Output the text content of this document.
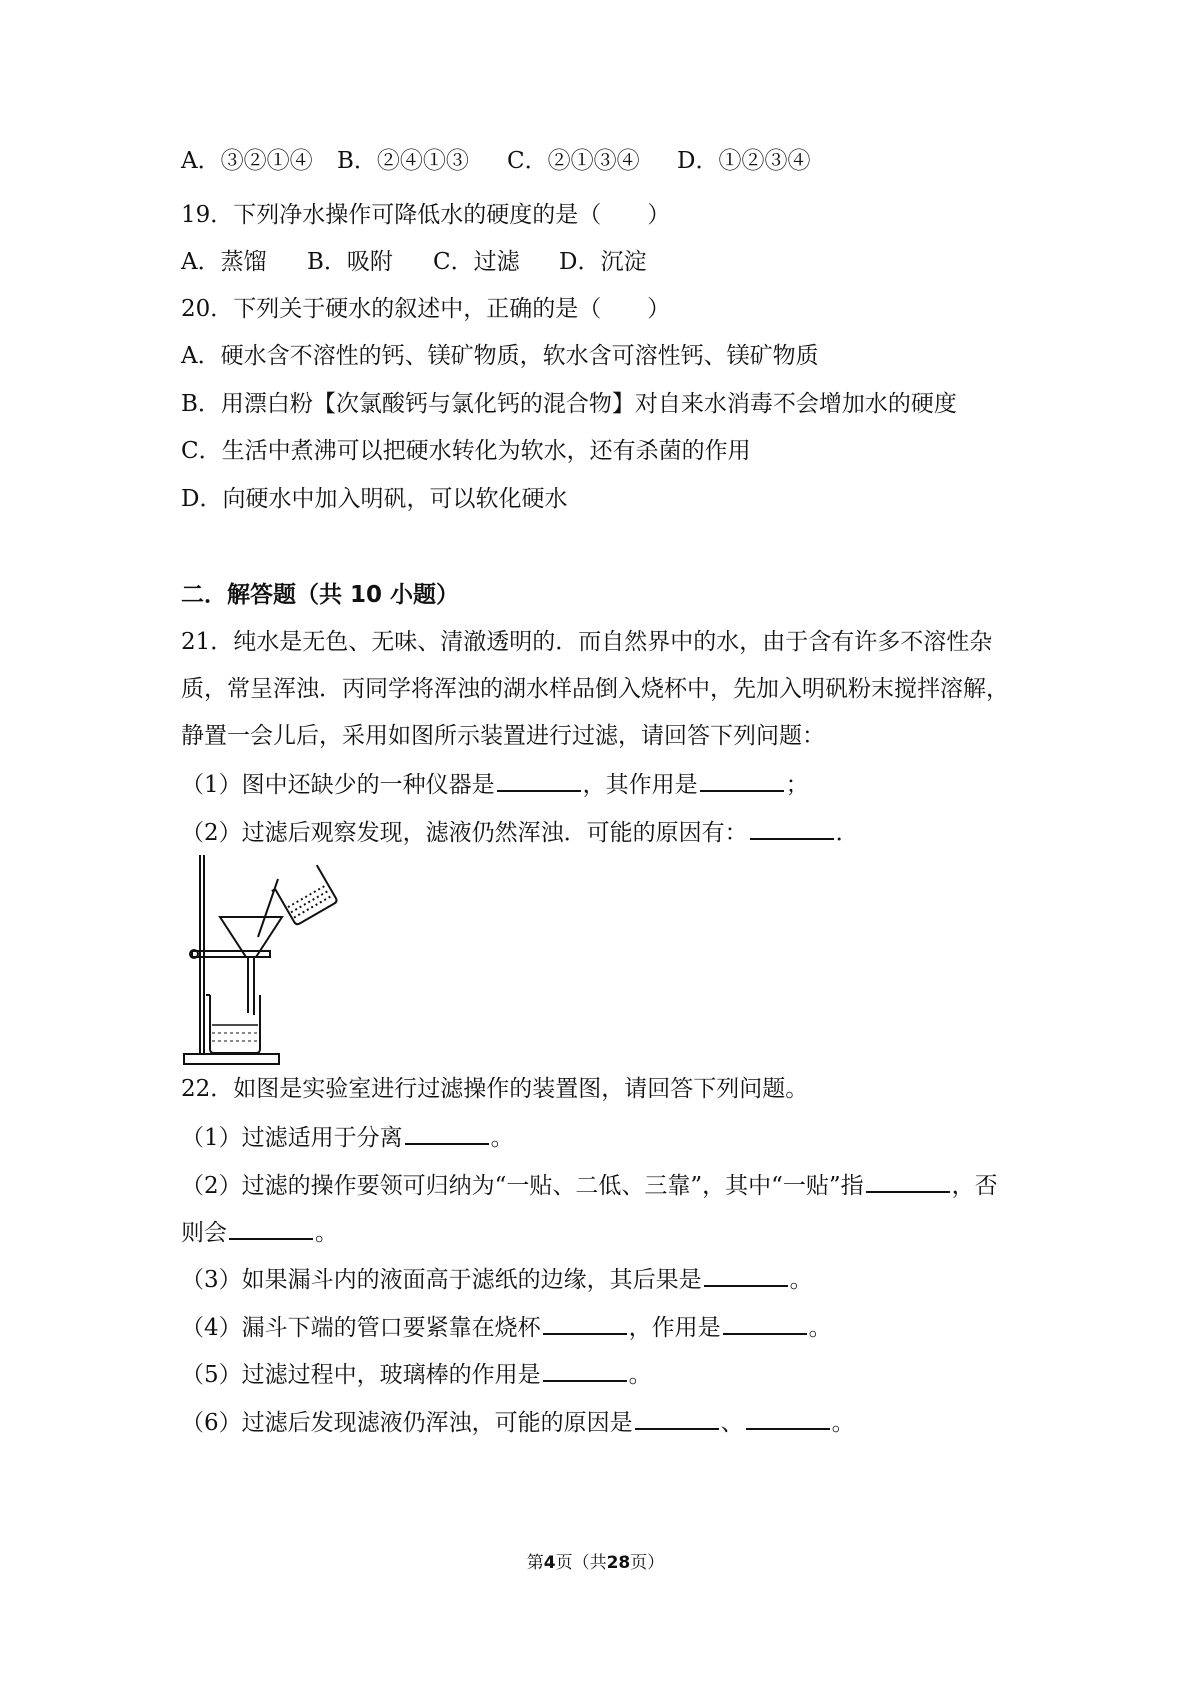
A．③②①④ B．②④①③ C．②①③④ D．①②③④
19．下列净水操作可降低水的硬度的是（　　）
A．蒸馏 B．吸附 C．过滤 D．沉淀
20．下列关于硬水的叙述中，正确的是（　　）
A．硬水含不溶性的钙、镁矿物质，软水含可溶性钙、镁矿物质
B．用漂白粉【次氯酸钙与氯化钙的混合物】对自来水消毒不会增加水的硬度
C．生活中煮沸可以把硬水转化为软水，还有杀菌的作用
D．向硬水中加入明矾，可以软化硬水
二．解答题（共 10 小题）
21．纯水是无色、无味、清澈透明的．而自然界中的水，由于含有许多不溶性杂
质，常呈浑浊．丙同学将浑浊的湖水样品倒入烧杯中，先加入明矾粉末搅拌溶解，
静置一会儿后，采用如图所示装置进行过滤，请回答下列问题：
（1）图中还缺少的一种仪器是	，其作用是	；
（2）过滤后观察发现，滤液仍然浑浊．可能的原因有：	．
22．如图是实验室进行过滤操作的装置图，请回答下列问题。
（1）过滤适用于分离	。
（2）过滤的操作要领可归纳为“一贴、二低、三靠”，其中“一贴”指	，否
则会	。
（3）如果漏斗内的液面高于滤纸的边缘，其后果是	。
（4）漏斗下端的管口要紧靠在烧杯	，作用是	。
（5）过滤过程中，玻璃棒的作用是	。
（6）过滤后发现滤液仍浑浊，可能的原因是	、	。
第4页（共28页）
